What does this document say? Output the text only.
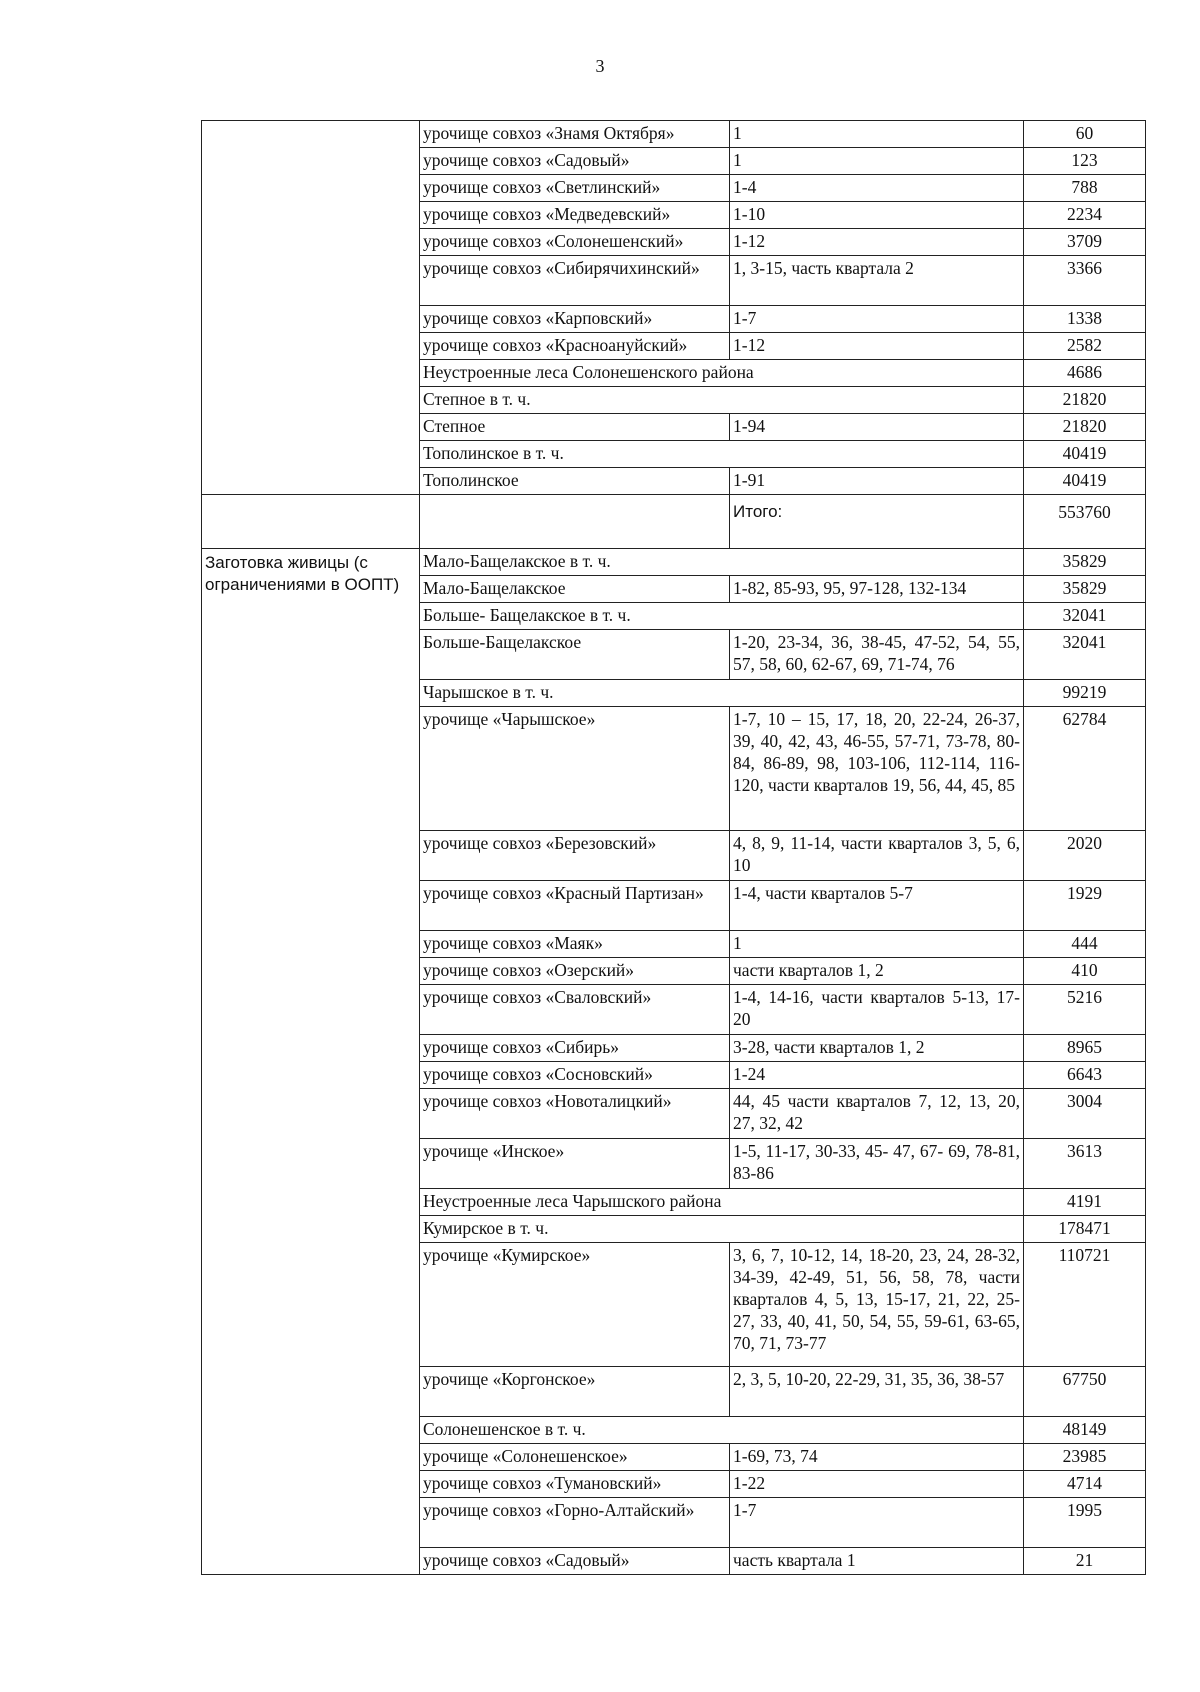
3
	урочище совхоз «Знамя Октября»	1	60
	урочище совхоз «Садовый»	1	123
	урочище совхоз «Светлинский»	1-4	788
	урочище совхоз «Медведевский»	1-10	2234
	урочище совхоз «Солонешенский»	1-12	3709
	урочище совхоз «Сибирячихинский»	1, 3-15, часть квартала 2	3366
	урочище совхоз «Карповский»	1-7	1338
	урочище совхоз «Красноануйский»	1-12	2582
	Неустроенные леса Солонешенского района		4686
	Степное в т. ч.		21820
	Степное	1-94	21820
	Тополинское в т. ч.		40419
	Тополинское	1-91	40419
		Итого:	553760
Заготовка живицы (с ограничениями в ООПТ)	Мало-Бащелакское в т. ч.		35829
	Мало-Бащелакское	1-82, 85-93, 95, 97-128, 132-134	35829
	Больше- Бащелакское в т. ч.		32041
	Больше-Бащелакское	1-20, 23-34, 36, 38-45, 47-52, 54, 55, 57, 58, 60, 62-67, 69, 71-74, 76	32041
	Чарышское в т. ч.		99219
	урочище «Чарышское»	1-7, 10 – 15, 17, 18, 20, 22-24, 26-37, 39, 40, 42, 43, 46-55, 57-71, 73-78, 80-84, 86-89, 98, 103-106, 112-114, 116-120, части кварталов 19, 56, 44, 45, 85	62784
	урочище совхоз «Березовский»	4, 8, 9, 11-14, части кварталов 3, 5, 6, 10	2020
	урочище совхоз «Красный Партизан»	1-4, части кварталов 5-7	1929
	урочище совхоз «Маяк»	1	444
	урочище совхоз «Озерский»	части кварталов 1, 2	410
	урочище совхоз «Сваловский»	1-4, 14-16, части кварталов 5-13, 17-20	5216
	урочище совхоз «Сибирь»	3-28, части кварталов 1, 2	8965
	урочище совхоз «Сосновский»	1-24	6643
	урочище совхоз «Новоталицкий»	44, 45 части кварталов 7, 12, 13, 20, 27, 32, 42	3004
	урочище «Инское»	1-5, 11-17, 30-33, 45- 47, 67- 69, 78-81, 83-86	3613
	Неустроенные леса Чарышского района		4191
	Кумирское в т. ч.		178471
	урочище «Кумирское»	3, 6, 7, 10-12, 14, 18-20, 23, 24, 28-32, 34-39, 42-49, 51, 56, 58, 78, части кварталов 4, 5, 13, 15-17, 21, 22, 25-27, 33, 40, 41, 50, 54, 55, 59-61, 63-65, 70, 71, 73-77	110721
	урочище «Коргонское»	2, 3, 5, 10-20, 22-29, 31, 35, 36, 38-57	67750
	Солонешенское в т. ч.		48149
	урочище «Солонешенское»	1-69, 73, 74	23985
	урочище совхоз «Тумановский»	1-22	4714
	урочище совхоз «Горно-Алтайский»	1-7	1995
	урочище совхоз «Садовый»	часть квартала 1	21
